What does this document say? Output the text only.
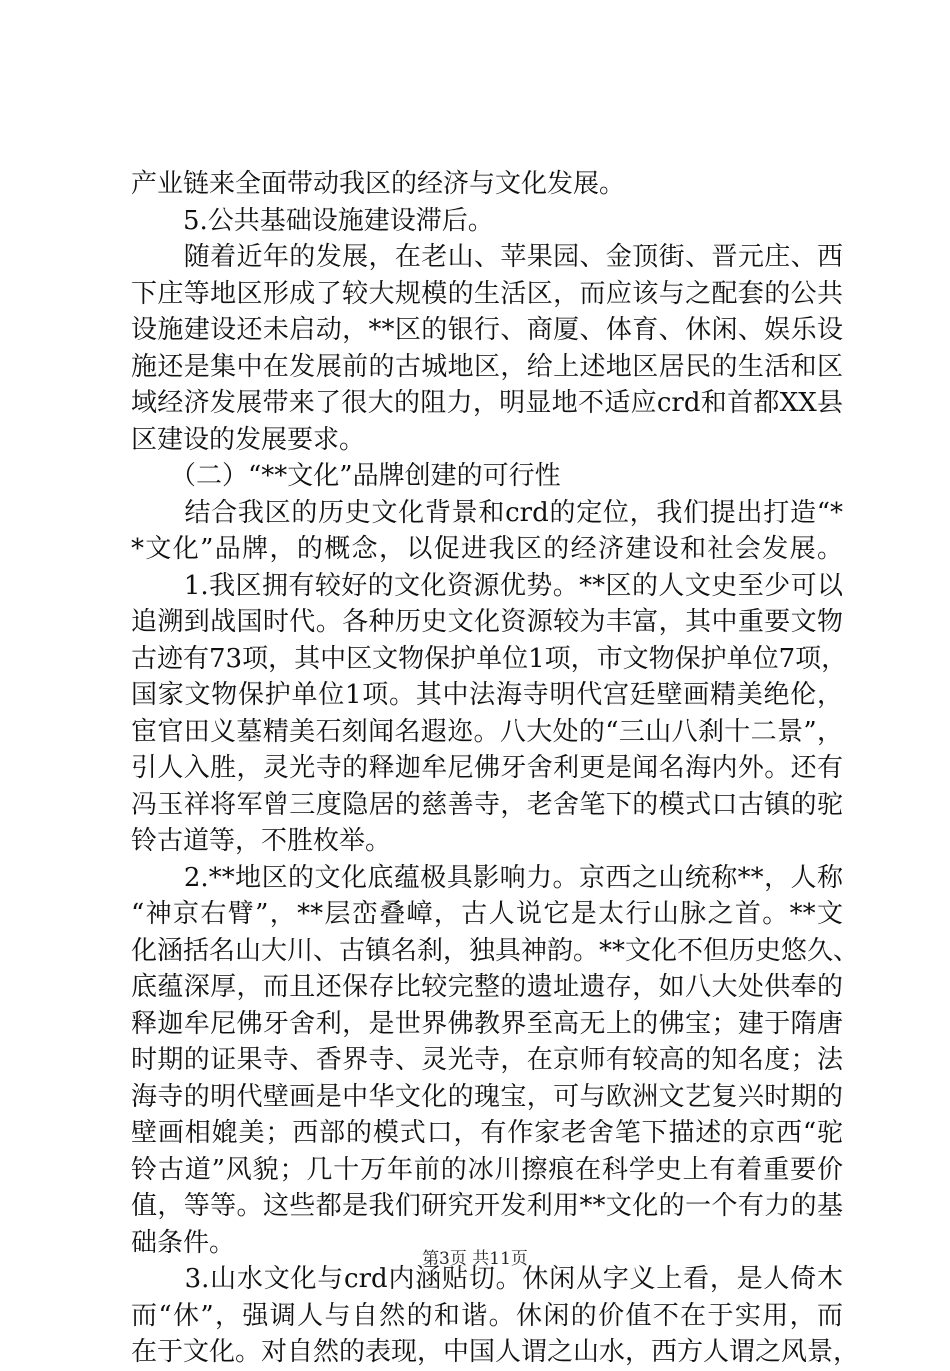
产业链来全面带动我区的经济与文化发展。
　　5.公共基础设施建设滞后。
　　随着近年的发展，在老山、苹果园、金顶街、晋元庄、西
下庄等地区形成了较大规模的生活区，而应该与之配套的公共
设施建设还未启动，**区的银行、商厦、体育、休闲、娱乐设
施还是集中在发展前的古城地区，给上述地区居民的生活和区
域经济发展带来了很大的阻力，明显地不适应crd和首都XX县
区建设的发展要求。
　　（二）“**文化”品牌创建的可行性
　　结合我区的历史文化背景和crd的定位，我们提出打造“*
*文化”品牌，的概念，以促进我区的经济建设和社会发展。
　　1.我区拥有较好的文化资源优势。**区的人文史至少可以
追溯到战国时代。各种历史文化资源较为丰富，其中重要文物
古迹有73项，其中区文物保护单位1项，市文物保护单位7项，
国家文物保护单位1项。其中法海寺明代宫廷壁画精美绝伦，
宦官田义墓精美石刻闻名遐迩。八大处的“三山八刹十二景”，
引人入胜，灵光寺的释迦牟尼佛牙舍利更是闻名海内外。还有
冯玉祥将军曾三度隐居的慈善寺，老舍笔下的模式口古镇的驼
铃古道等，不胜枚举。
　　2.**地区的文化底蕴极具影响力。京西之山统称**，人称
“神京右臂”，**层峦叠嶂，古人说它是太行山脉之首。**文
化涵括名山大川、古镇名刹，独具神韵。**文化不但历史悠久、
底蕴深厚，而且还保存比较完整的遗址遗存，如八大处供奉的
释迦牟尼佛牙舍利，是世界佛教界至高无上的佛宝；建于隋唐
时期的证果寺、香界寺、灵光寺，在京师有较高的知名度；法
海寺的明代壁画是中华文化的瑰宝，可与欧洲文艺复兴时期的
壁画相媲美；西部的模式口，有作家老舍笔下描述的京西“驼
铃古道”风貌；几十万年前的冰川擦痕在科学史上有着重要价
值，等等。这些都是我们研究开发利用**文化的一个有力的基
础条件。
　　3.山水文化与crd内涵贴切。休闲从字义上看，是人倚木
而“休”，强调人与自然的和谐。休闲的价值不在于实用，而
在于文化。对自然的表现，中国人谓之山水，西方人谓之风景，
第3页 共11页
